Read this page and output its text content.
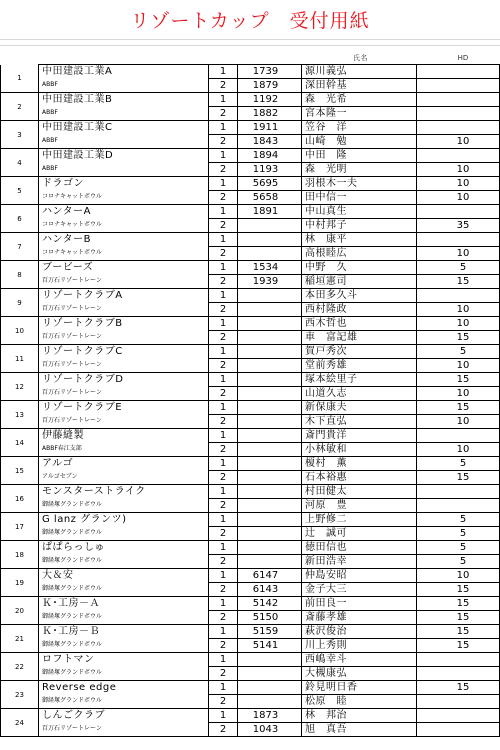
リゾートカップ　受付用紙
				氏名	HD
1	中田建設工業A	1	1739	源川義弘	
	ABBF	2	1879	深田幹基	
2	中田建設工業B	1	1192	森　光希	
	ABBF	2	1882	宮本隆一	
3	中田建設工業C	1	1911	笠谷　洋	
	ABBF	2	1843	山崎　勉	10
4	中田建設工業D	1	1894	中田　隆	
	ABBF	2	1193	森　光明	10
5	ドラゴン	1	5695	羽根木一夫	10
	コロナキャットボウル	2	5658	田中信一	10
6	ハンターA	1	1891	中山真生	
	コロナキャットボウル	2		中村邦子	35
7	ハンターB	1		林　康平	
	コロナキャットボウル	2		高根睦広	10
8	ブービーズ	1	1534	中野　久	5
	百万石リゾートレーン	2	1939	稲垣憲司	15
9	リゾートクラブA	1		本田多久斗	
	百万石リゾートレーン	2		西村隆政	10
10	リゾートクラブB	1		西木哲也	10
	百万石リゾートレーン	2		車　富記雄	15
11	リゾートクラブC	1		賀戸秀次	5
	百万石リゾートレーン	2		堂前秀雄	10
12	リゾートクラブD	1		塚本絵里子	15
	百万石リゾートレーン	2		山道久志	10
13	リゾートクラブE	1		新保康夫	15
	百万石リゾートレーン	2		木下直弘	10
14	伊藤縫製	1		斎門貴洋	
	ABBF春江支部	2		小林敏和	10
15	アルゴ	1		榎村　薫	5
	アルゴセブン	2		石本裕惠	15
16	モンスターストライク	1		村田健太	
	御経塚グランドボウル	2		河原　豊	
17	G lanz グランツ)	1		上野修二	5
	御経塚グランドボウル	2		辻　誠可	5
18	ぱぱらっしゅ	1		徳田信也	5
	御経塚グランドボウル	2		新田浩幸	5
19	大＆安	1	6147	仲島安昭	10
	御経塚グランドボウル	2	6143	金子大三	15
20	Ｋ･工房－Ａ	1	5142	前田良一	15
	御経塚グランドボウル	2	5150	斎藤孝雄	15
21	Ｋ･工房－Ｂ	1	5159	萩沢俊治	15
	御経塚グランドボウル	2	5141	川上秀則	15
22	ロフトマン	1		西嶋幸斗	
	御経塚グランドボウル	2		大槻康弘	
23	Reverse edge	1		鈴見明日香	15
	御経塚グランドボウル	2		松原　睦	
24	しんごクラブ	1	1873	林　邦治	
	百万石リゾートレーン	2	1043	旭　真吾	
